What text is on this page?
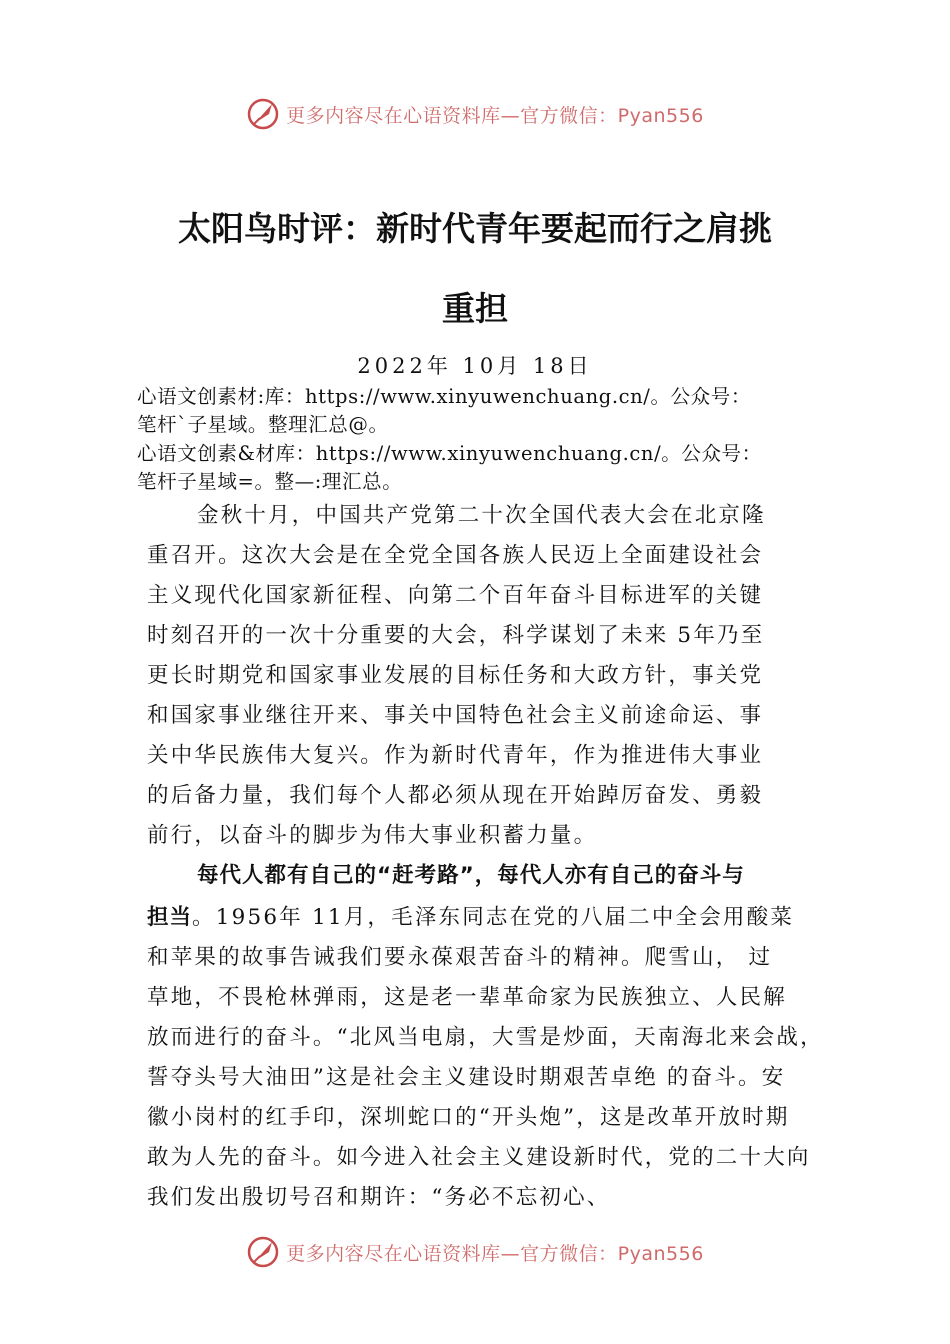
更多内容尽在心语资料库—官方微信：Pyan556
太阳鸟时评：新时代青年要起而行之肩挑
重担
2022年 10月 18日
心语文创素材:库：https://www.xinyuwenchuang.cn/。公众号：
笔杆`子星域。整理汇总@。
心语文创素&材库：https://www.xinyuwenchuang.cn/。公众号：
笔杆子星域=。整—:理汇总。
金秋十月，中国共产党第二十次全国代表大会在北京隆
重召开。这次大会是在全党全国各族人民迈上全面建设社会
主义现代化国家新征程、向第二个百年奋斗目标进军的关键
时刻召开的一次十分重要的大会，科学谋划了未来 5年乃至
更长时期党和国家事业发展的目标任务和大政方针，事关党
和国家事业继往开来、事关中国特色社会主义前途命运、事
关中华民族伟大复兴。作为新时代青年，作为推进伟大事业
的后备力量，我们每个人都必须从现在开始踔厉奋发、勇毅
前行，以奋斗的脚步为伟大事业积蓄力量。
每代人都有自己的“赶考路”，每代人亦有自己的奋斗与
担当。1956年 11月，毛泽东同志在党的八届二中全会用酸菜
和苹果的故事告诫我们要永葆艰苦奋斗的精神。爬雪山， 过
草地，不畏枪林弹雨，这是老一辈革命家为民族独立、人民解
放而进行的奋斗。“北风当电扇，大雪是炒面，天南海北来会战，
誓夺头号大油田”这是社会主义建设时期艰苦卓绝 的奋斗。安
徽小岗村的红手印，深圳蛇口的“开头炮”，这是改革开放时期
敢为人先的奋斗。如今进入社会主义建设新时代，党的二十大向
我们发出殷切号召和期许：“务必不忘初心、
更多内容尽在心语资料库—官方微信：Pyan556
